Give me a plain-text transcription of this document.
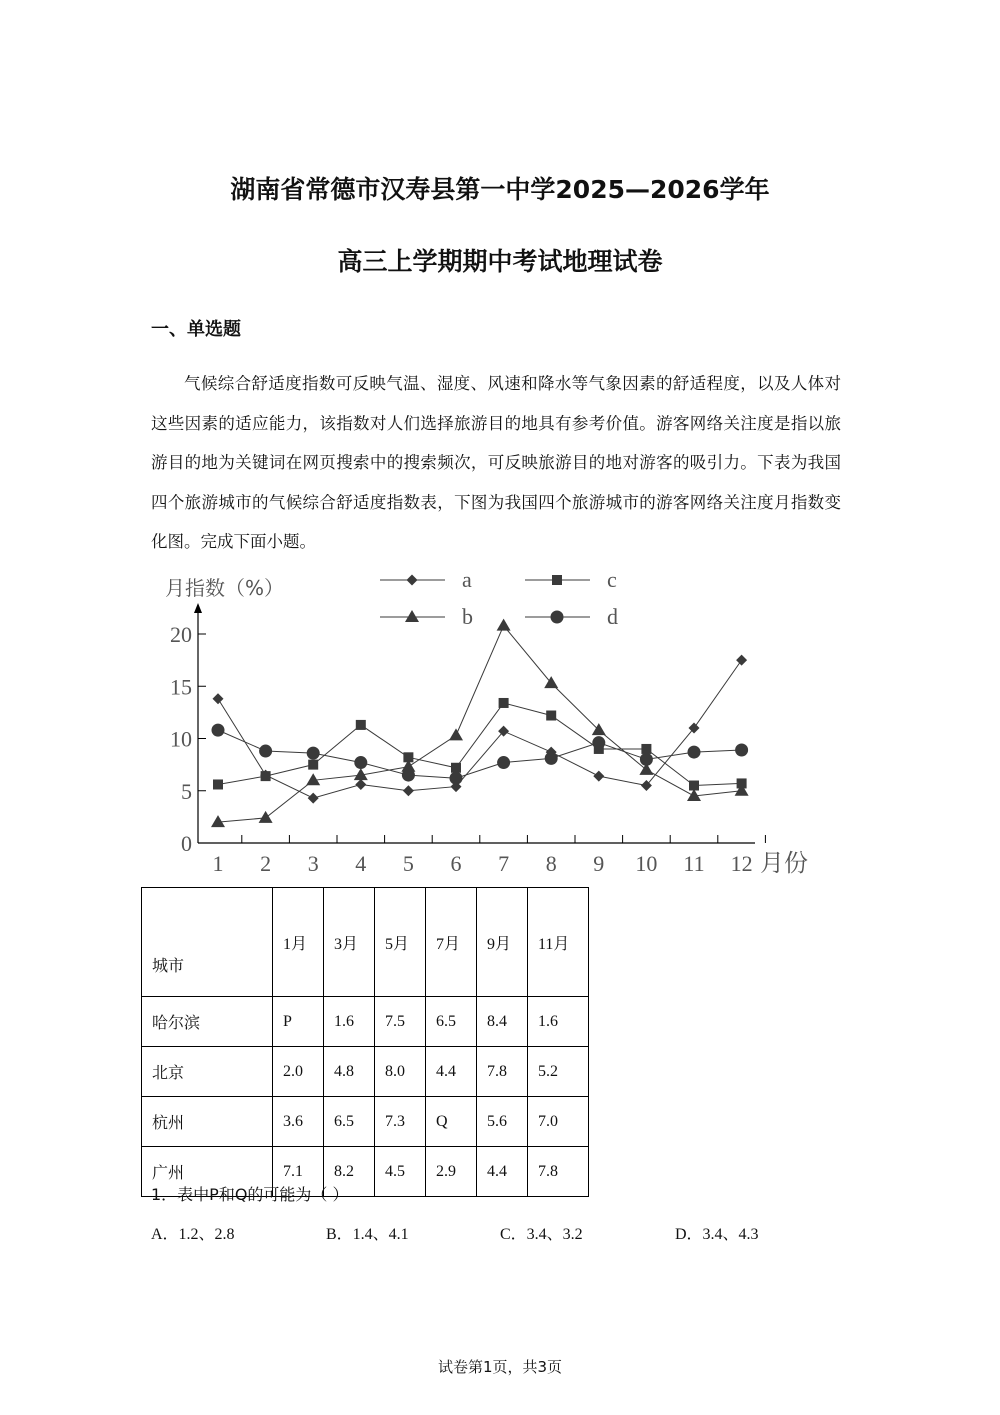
湖南省常德市汉寿县第一中学2025—2026学年
高三上学期期中考试地理试卷
一、单选题
气候综合舒适度指数可反映气温、湿度、风速和降水等气象因素的舒适程度，以及人体对这些因素的适应能力，该指数对人们选择旅游目的地具有参考价值。游客网络关注度是指以旅游目的地为关键词在网页搜索中的搜索频次，可反映旅游目的地对游客的吸引力。下表为我国四个旅游城市的气候综合舒适度指数表，下图为我国四个旅游城市的游客网络关注度月指数变化图。完成下面小题。
0
5
10
15
20
1 2 3 4 5 6 7 8 9 10 11 12 月份
月指数（%）	a
b
c
d
城市	1月	3月	5月	7月	9月	11月
哈尔滨	P	1.6	7.5	6.5	8.4	1.6
北京	2.0	4.8	8.0	4.4	7.8	5.2
杭州	3.6	6.5	7.3	Q	5.6	7.0
广州	7.1	8.2	4.5	2.9	4.4	7.8
1．表中P和Q的可能为（ ）
A．1.2、2.8	B．1.4、4.1	C．3.4、3.2	D．3.4、4.3
试卷第1页，共3页
